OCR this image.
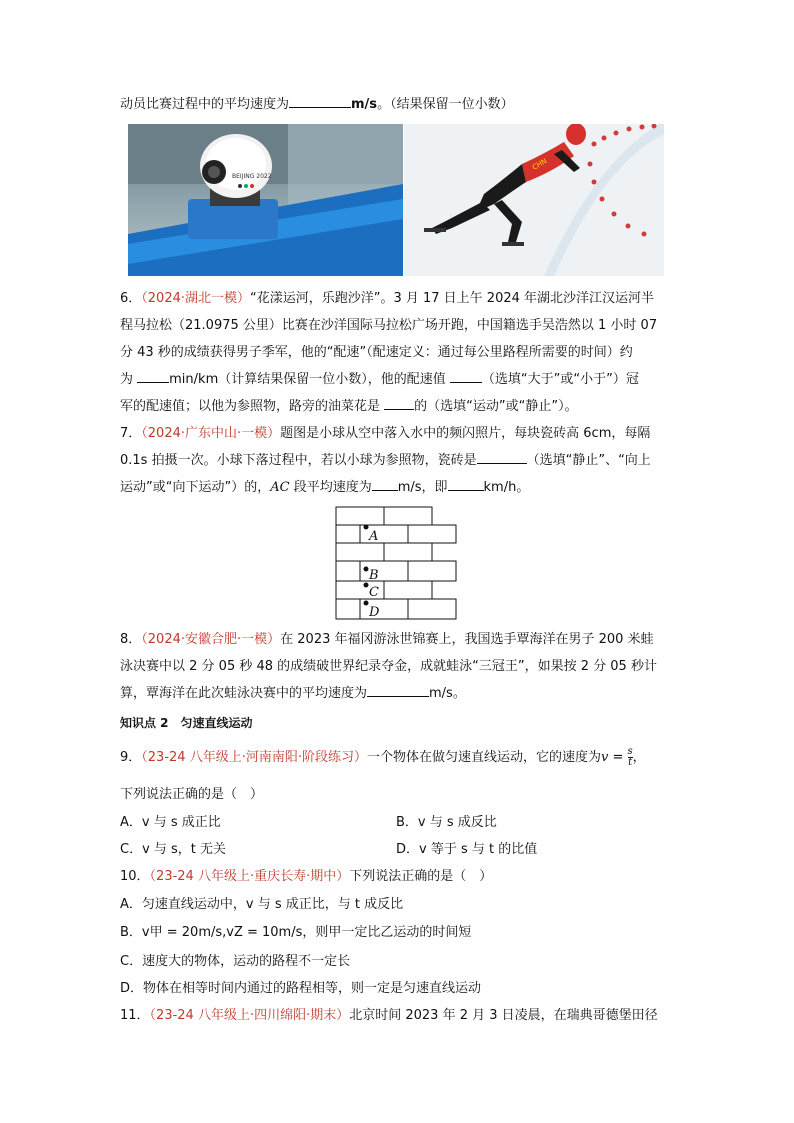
动员比赛过程中的平均速度为	m/s。（结果保留一位小数）
BEIJING 2022
CHN
6．（2024·湖北一模）“花漾运河，乐跑沙洋”。3 月 17 日上午 2024 年湖北沙洋江汉运河半
程马拉松（21.0975 公里）比赛在沙洋国际马拉松广场开跑，中国籍选手吴浩然以 1 小时 07
分 43 秒的成绩获得男子季军，他的“配速”（配速定义：通过每公里路程所需要的时间）约
为 min/km（计算结果保留一位小数），他的配速值 （选填“大于”或“小于”）冠
军的配速值；以他为参照物，路旁的油菜花是 的（选填“运动”或“静止”）。
7．（2024·广东中山·一模）题图是小球从空中落入水中的频闪照片，每块瓷砖高 6cm，每隔
0.1s 拍摄一次。小球下落过程中，若以小球为参照物，瓷砖是	（选填“静止”、“向上
运动”或“向下运动”）的，AC 段平均速度为 m/s，即	km/h。
A
B
C
D
8．（2024·安徽合肥·一模）在 2023 年福冈游泳世锦赛上，我国选手覃海洋在男子 200 米蛙
泳决赛中以 2 分 05 秒 48 的成绩破世界纪录夺金，成就蛙泳“三冠王”，如果按 2 分 05 秒计
算，覃海洋在此次蛙泳决赛中的平均速度为	m/s。
知识点 2　匀速直线运动
9．（23-24 八年级上·河南南阳·阶段练习）一个物体在做匀速直线运动，它的速度为$v = \frac{s}{t}$ ，
下列说法正确的是（　）
A．v 与 s 成正比	B．v 与 s 成反比
C．v 与 s，t 无关	D．v 等于 s 与 t 的比值
10．（23-24 八年级上·重庆长寿·期中）下列说法正确的是（　）
A．匀速直线运动中，v 与 s 成正比，与 t 成反比
B．v甲 = 20m/s,vZ = 10m/s，则甲一定比乙运动的时间短
C．速度大的物体，运动的路程不一定长
D．物体在相等时间内通过的路程相等，则一定是匀速直线运动
11．（23-24 八年级上·四川绵阳·期末）北京时间 2023 年 2 月 3 日凌晨，在瑞典哥德堡田径
